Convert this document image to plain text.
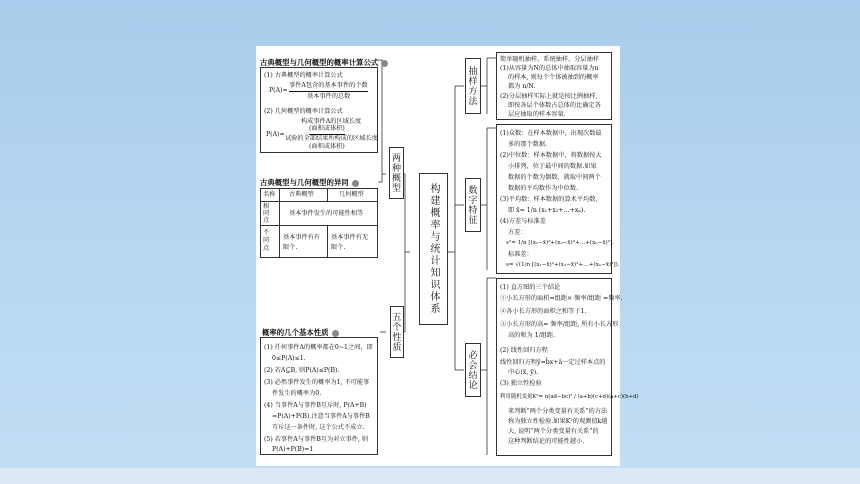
古典概型与几何概型的概率计算公式
(1) 古典概型的概率计算公式
P(A)=
事件A包含的基本事件的个数
基本事件的总数
(2) 几何概型的概率计算公式
构成事件A的区域长度
(面积或体积)
P(A)=
试验的全部结果所构成的区域长度
(面积或体积)
古典概型与几何概型的异同
名称 古典概型	几何概型
相同点
基本事件发生的可能性相等
不同点
基本事件有有限个.
基本事件有无限个.
概率的几个基本性质
(1) 任何事件A的概率都在0~1之间，即
0≤P(A)≤1.
(2) 若A⊆B, 则P(A)≤P(B).
(3) 必然事件发生的概率为1, 不可能事
件发生的概率为0.
(4) 当事件A与事件B互斥时, P(A+B)
=P(A)+P(B).注意当事件A与事件B
互斥这一条件时, 这个公式不成立.
(5) 若事件A与事件B互为对立事件, 则
P(A)+P(B)=1
两种概型
五个性质
构建概率与统计知识体系
抽样方法
数字特征
必会结论
简单随机抽样、系统抽样、分层抽样
(1)从容量为N的总体中抽取容量为n
的样本, 则每个个体被抽到的概率
都为 n/N.
(2)分层抽样实际上就是按比例抽样,
即按各层个体数占总体的比确定各
层应抽取的样本容量.
(1)众数：在样本数据中，出现次数最
多的那个数据.
(2)中位数：样本数据中，将数据按大
小排列，位于最中间的数据.如果
数据的个数为偶数，就取中间两个
数据的平均数作为中位数.
(3)平均数：样本数据的算术平均数,
即 x̄= 1/n (x₁+x₂+…+xₙ).
(4)方差与标准差
方差：
s²= 1/n [(x₁−x̄)²+(x₂−x̄)²+…+(xₙ−x̄)²].
标准差：
s= √(1/n [(x₁−x̄)²+(x₂−x̄)²+…+(xₙ−x̄)²]).
(1) 直方图的三个结论
①小长方形的面积=组距× 频率/组距 =频率.
②各小长方形的面积之和等于1.
③小长方形的高= 频率/组距, 所有小长方形
高的和为 1/组距.
(2) 线性回归方程
线性回归方程ŷ=b̂x+â一定过样本点的
中心(x̄, ȳ).
(3) 独立性检验
利用随机变量K²= n(ad−bc)² / (a+b)(c+d)(a+c)(b+d)
来判断“两个分类变量有关系”的方法
称为独立性检验.如果K²的观测值k越
大, 说明“两个分类变量有关系”的
这种判断结论的可能性越小.
